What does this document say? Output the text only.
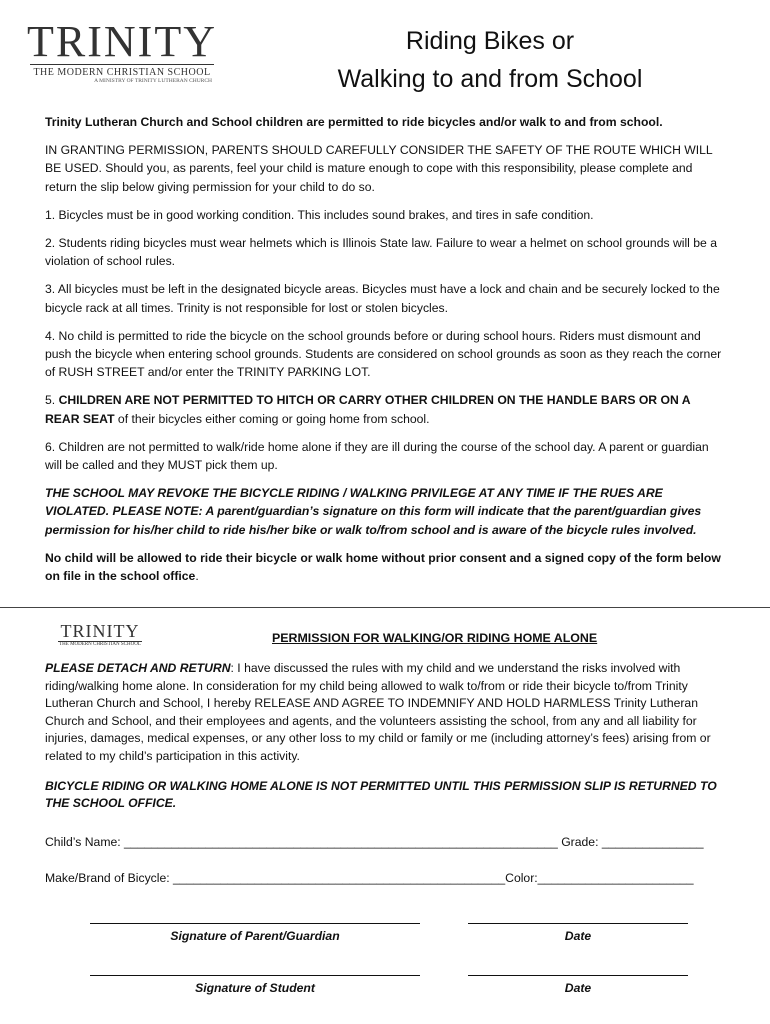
TRINITY
THE MODERN CHRISTIAN SCHOOL
A MINISTRY OF TRINITY LUTHERAN CHURCH
Riding Bikes or
Walking to and from School

Trinity Lutheran Church and School children are permitted to ride bicycles and/or walk to and from school.

IN GRANTING PERMISSION, PARENTS SHOULD CAREFULLY CONSIDER THE SAFETY OF THE ROUTE WHICH WILL BE USED. Should you, as parents, feel your child is mature enough to cope with this responsibility, please complete and return the slip below giving permission for your child to do so.

1. Bicycles must be in good working condition. This includes sound brakes, and tires in safe condition.

2. Students riding bicycles must wear helmets which is Illinois State law. Failure to wear a helmet on school grounds will be a violation of school rules.

3. All bicycles must be left in the designated bicycle areas. Bicycles must have a lock and chain and be securely locked to the bicycle rack at all times. Trinity is not responsible for lost or stolen bicycles.

4. No child is permitted to ride the bicycle on the school grounds before or during school hours. Riders must dismount and push the bicycle when entering school grounds. Students are considered on school grounds as soon as they reach the corner of RUSH STREET and/or enter the TRINITY PARKING LOT.

5. CHILDREN ARE NOT PERMITTED TO HITCH OR CARRY OTHER CHILDREN ON THE HANDLE BARS OR ON A REAR SEAT of their bicycles either coming or going home from school.

6. Children are not permitted to walk/ride home alone if they are ill during the course of the school day. A parent or guardian will be called and they MUST pick them up.

THE SCHOOL MAY REVOKE THE BICYCLE RIDING / WALKING PRIVILEGE AT ANY TIME IF THE RUES ARE VIOLATED. PLEASE NOTE: A parent/guardian’s signature on this form will indicate that the parent/guardian gives permission for his/her child to ride his/her bike or walk to/from school and is aware of the bicycle rules involved.

No child will be allowed to ride their bicycle or walk home without prior consent and a signed copy of the form below on file in the school office.

TRINITY
THE MODERN CHRISTIAN SCHOOL	PERMISSION FOR WALKING/OR RIDING HOME ALONE

PLEASE DETACH AND RETURN: I have discussed the rules with my child and we understand the risks involved with riding/walking home alone. In consideration for my child being allowed to walk to/from or ride their bicycle to/from Trinity Lutheran Church and School, I hereby RELEASE AND AGREE TO INDEMNIFY AND HOLD HARMLESS Trinity Lutheran Church and School, and their employees and agents, and the volunteers assisting the school, from any and all liability for injuries, damages, medical expenses, or any other loss to my child or family or me (including attorney’s fees) arising from or related to my child’s participation in this activity.

BICYCLE RIDING OR WALKING HOME ALONE IS NOT PERMITTED UNTIL THIS PERMISSION SLIP IS RETURNED TO THE SCHOOL OFFICE.

Child’s Name: ________________________________________________________________ Grade: _______________
Make/Brand of Bicycle: _________________________________________________Color:_______________________
Signature of Parent/Guardian	Date
Signature of Student	Date
